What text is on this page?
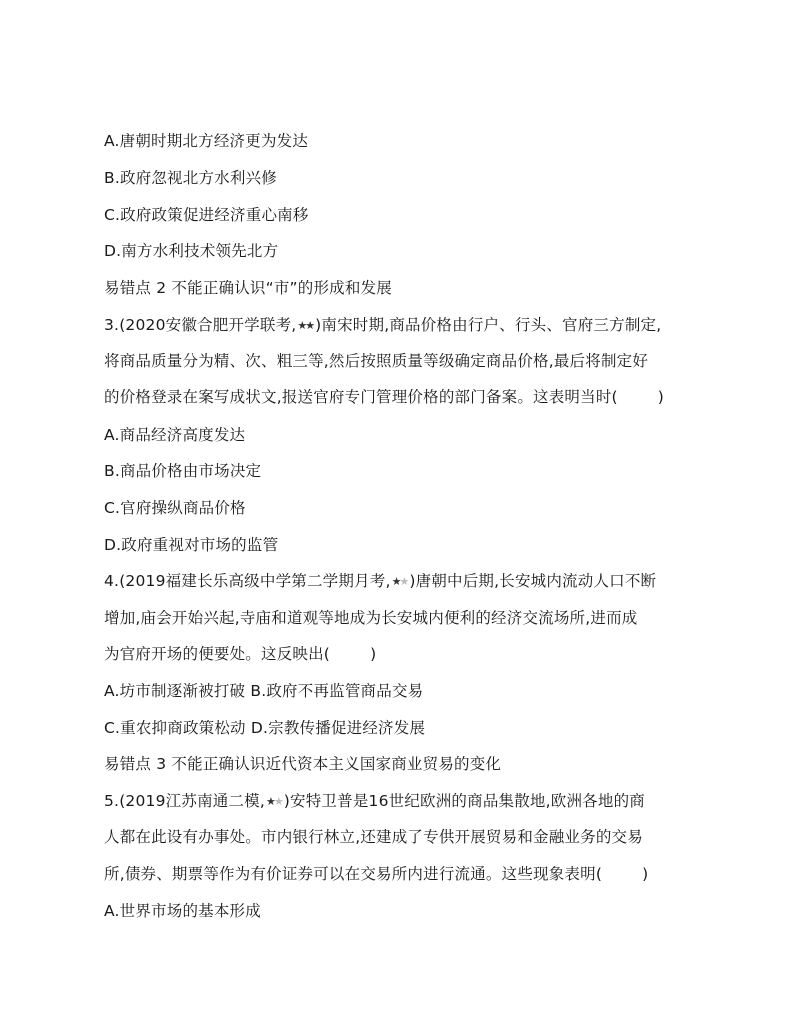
A.唐朝时期北方经济更为发达
B.政府忽视北方水利兴修
C.政府政策促进经济重心南移
D.南方水利技术领先北方
易错点 2 不能正确认识“市”的形成和发展
3.(2020安徽合肥开学联考,★★ )南宋时期,商品价格由行户、行头、官府三方制定,
将商品质量分为精、次、粗三等,然后按照质量等级确定商品价格,最后将制定好
的价格登录在案写成状文,报送官府专门管理价格的部门备案。这表明当时(	)
A.商品经济高度发达
B.商品价格由市场决定
C.官府操纵商品价格
D.政府重视对市场的监管
4.(2019福建长乐高级中学第二学期月考,★★ )唐朝中后期,长安城内流动人口不断
增加,庙会开始兴起,寺庙和道观等地成为长安城内便利的经济交流场所,进而成
为官府开场的便要处。这反映出(	)
A.坊市制逐渐被打破 B.政府不再监管商品交易
C.重农抑商政策松动 D.宗教传播促进经济发展
易错点 3 不能正确认识近代资本主义国家商业贸易的变化
5.(2019江苏南通二模,★★ )安特卫普是16世纪欧洲的商品集散地,欧洲各地的商
人都在此设有办事处。市内银行林立,还建成了专供开展贸易和金融业务的交易
所,债券、期票等作为有价证券可以在交易所内进行流通。这些现象表明(	)
A.世界市场的基本形成
